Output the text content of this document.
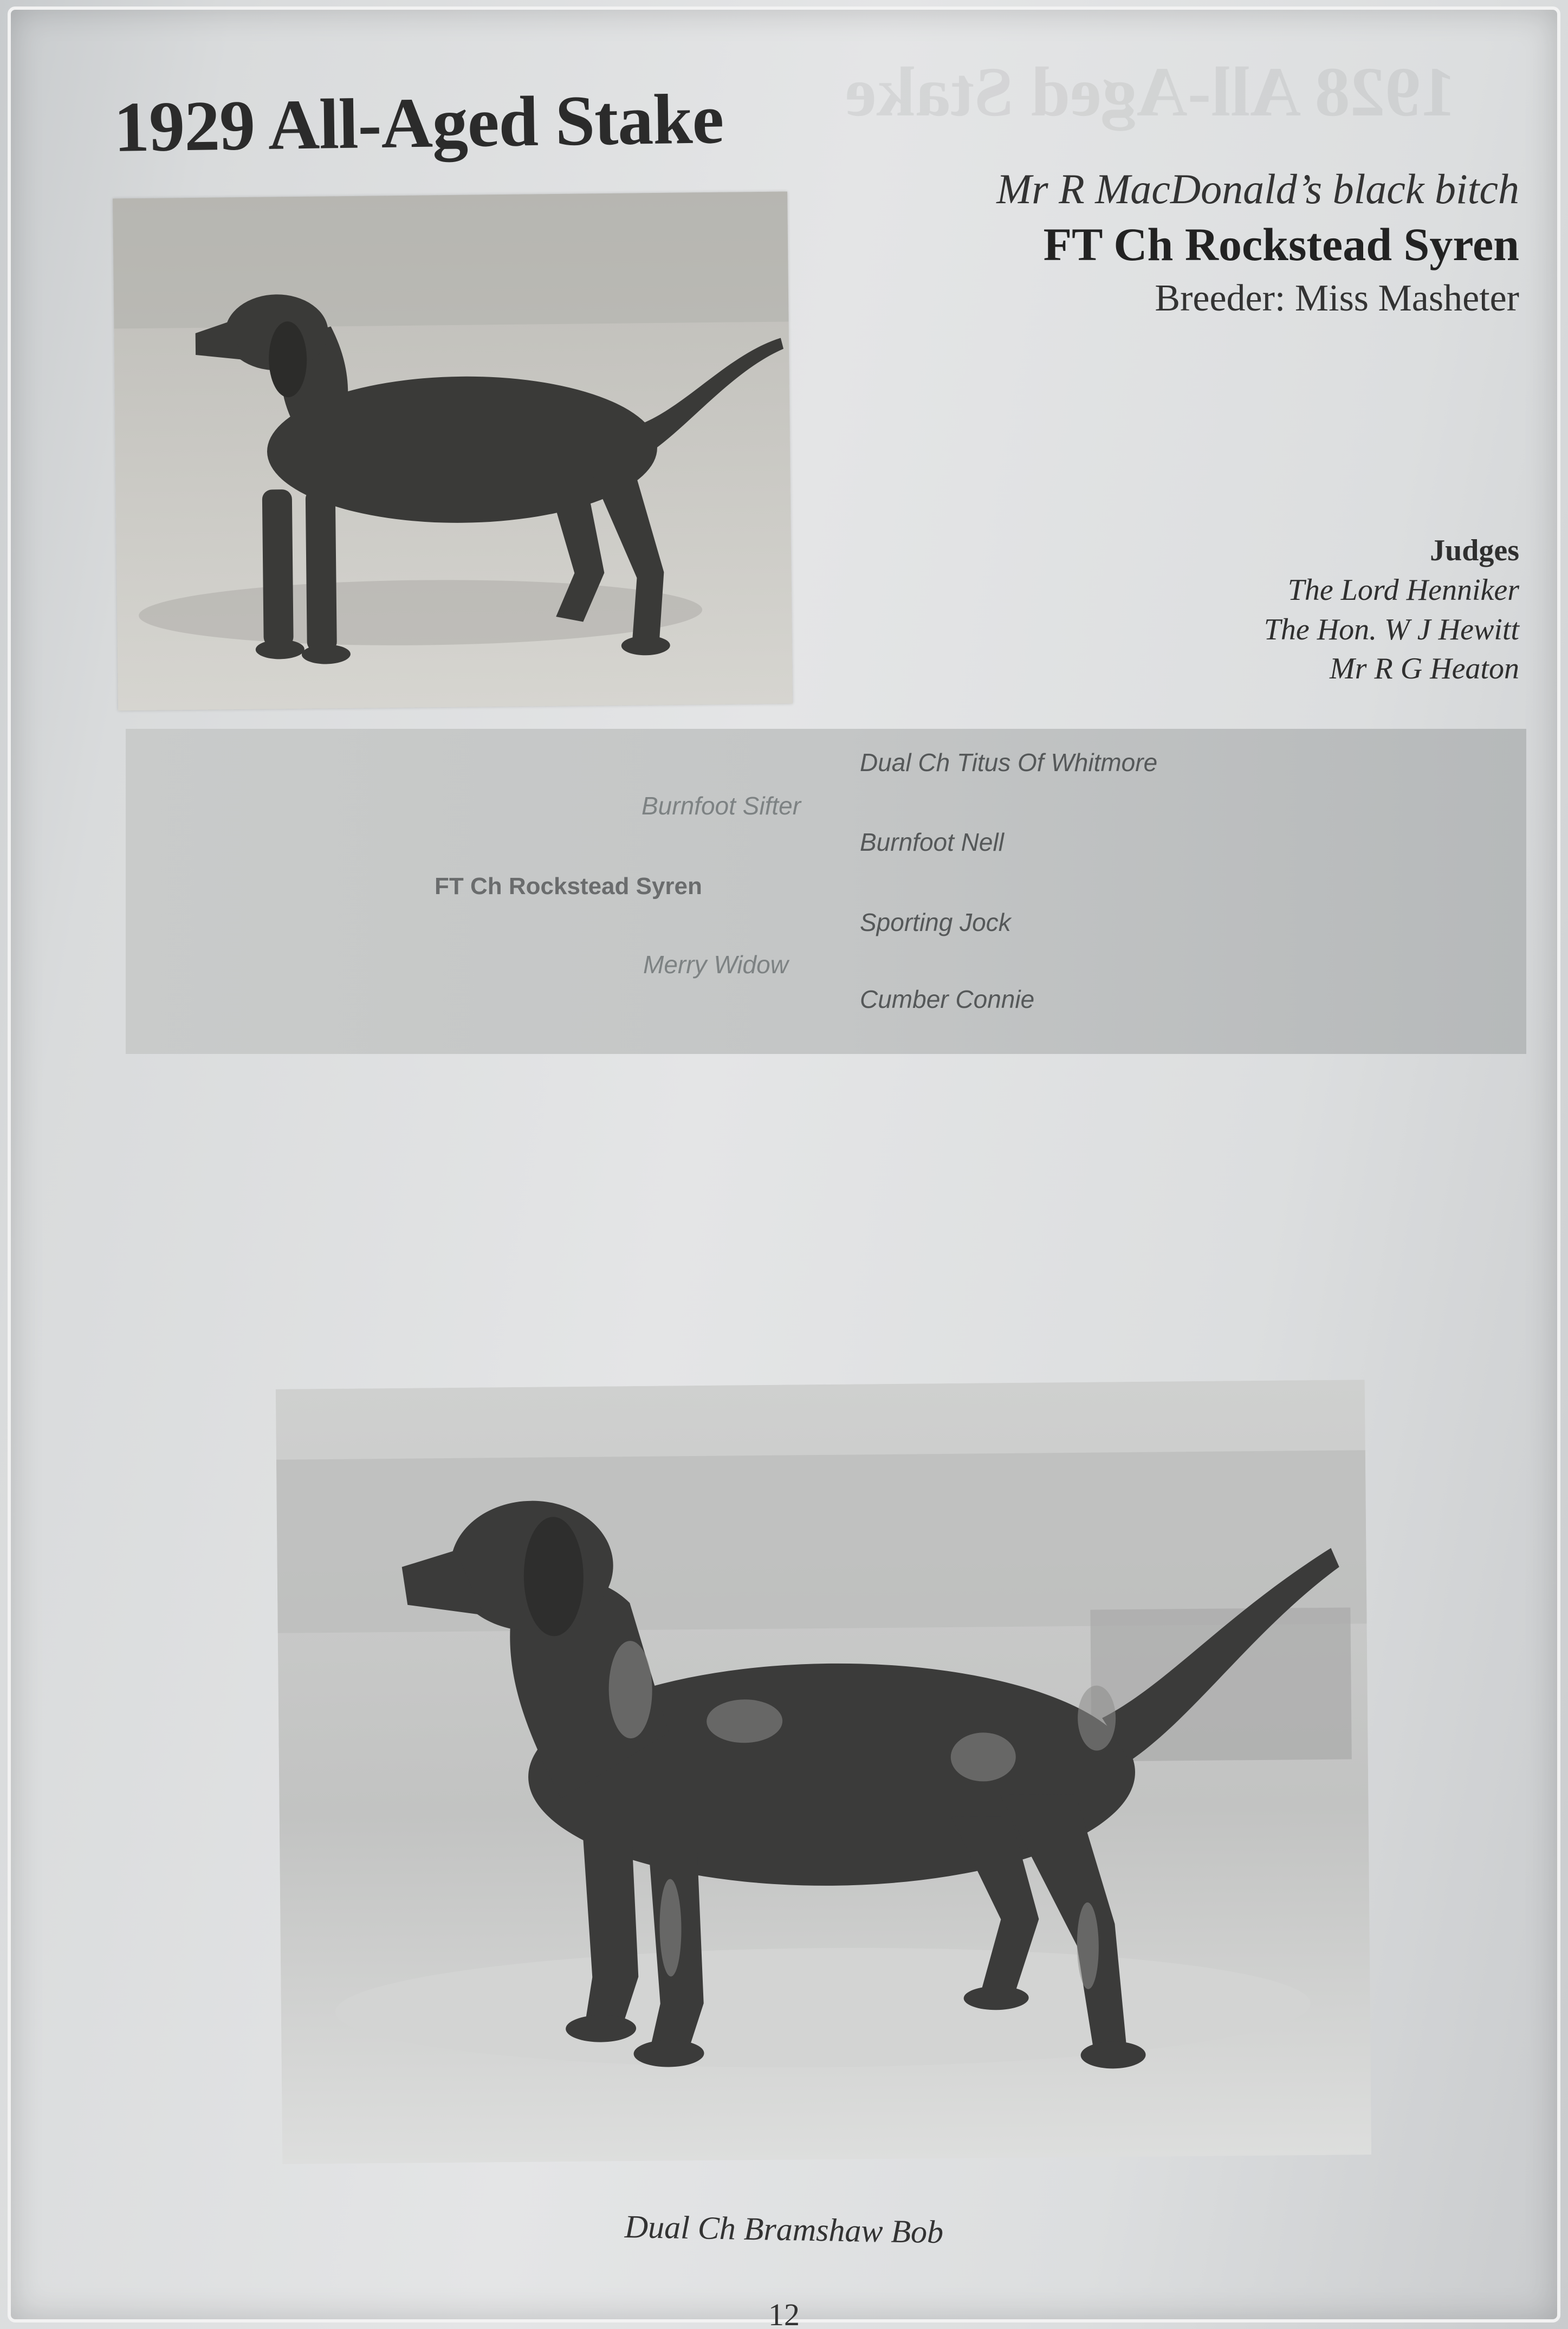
1928 All-Aged Stake
1929 All-Aged Stake
Mr R MacDonald’s black bitch
FT Ch Rockstead Syren
Breeder: Miss Masheter
Judges
The Lord Henniker
The Hon. W J Hewitt
Mr R G Heaton
Dual Ch Titus Of Whitmore
Burnfoot Sifter
Burnfoot Nell
FT Ch Rockstead Syren
Sporting Jock
Merry Widow
Cumber Connie
Dual Ch Bramshaw Bob
12
